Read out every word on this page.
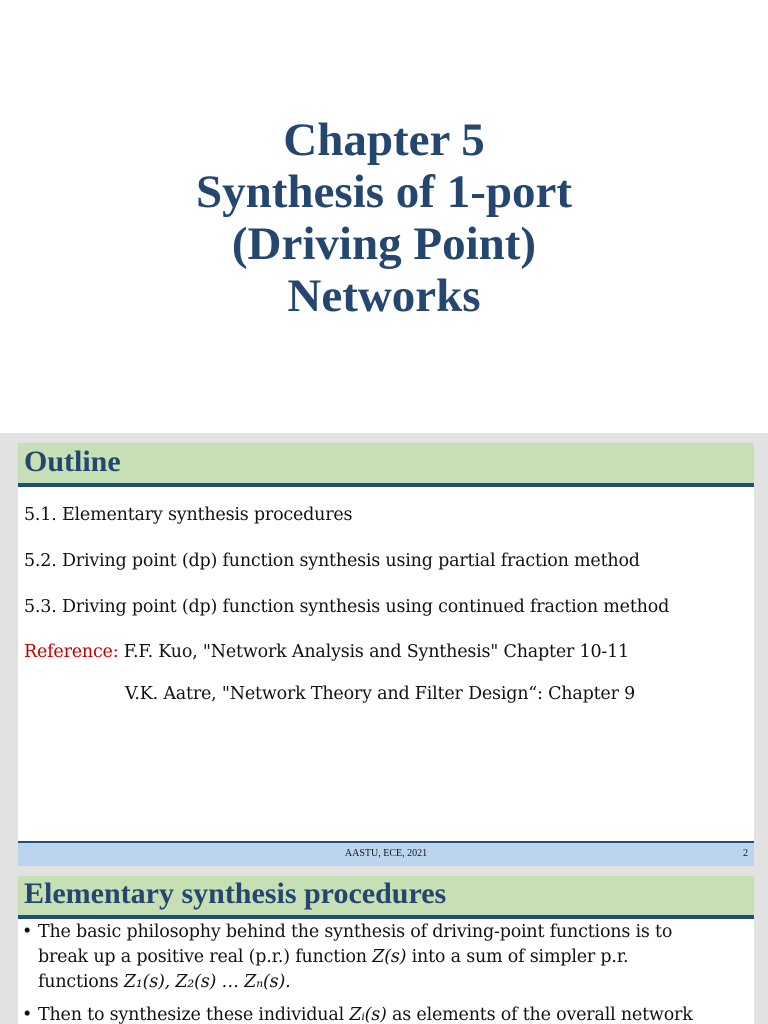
Chapter 5
Synthesis of 1-port
(Driving Point)
Networks
Outline
5.1. Elementary synthesis procedures
5.2. Driving point (dp) function synthesis using partial fraction method
5.3. Driving point (dp) function synthesis using continued fraction method
Reference: F.F. Kuo, "Network Analysis and Synthesis" Chapter 10-11
V.K. Aatre, "Network Theory and Filter Design“: Chapter 9
AASTU, ECE, 2021	2
Elementary synthesis procedures
• The basic philosophy behind the synthesis of driving-point functions is to
break up a positive real (p.r.) function Z(s) into a sum of simpler p.r.
functions Z₁(s), Z₂(s) … Zₙ(s).
• Then to synthesize these individual Zᵢ(s) as elements of the overall network
